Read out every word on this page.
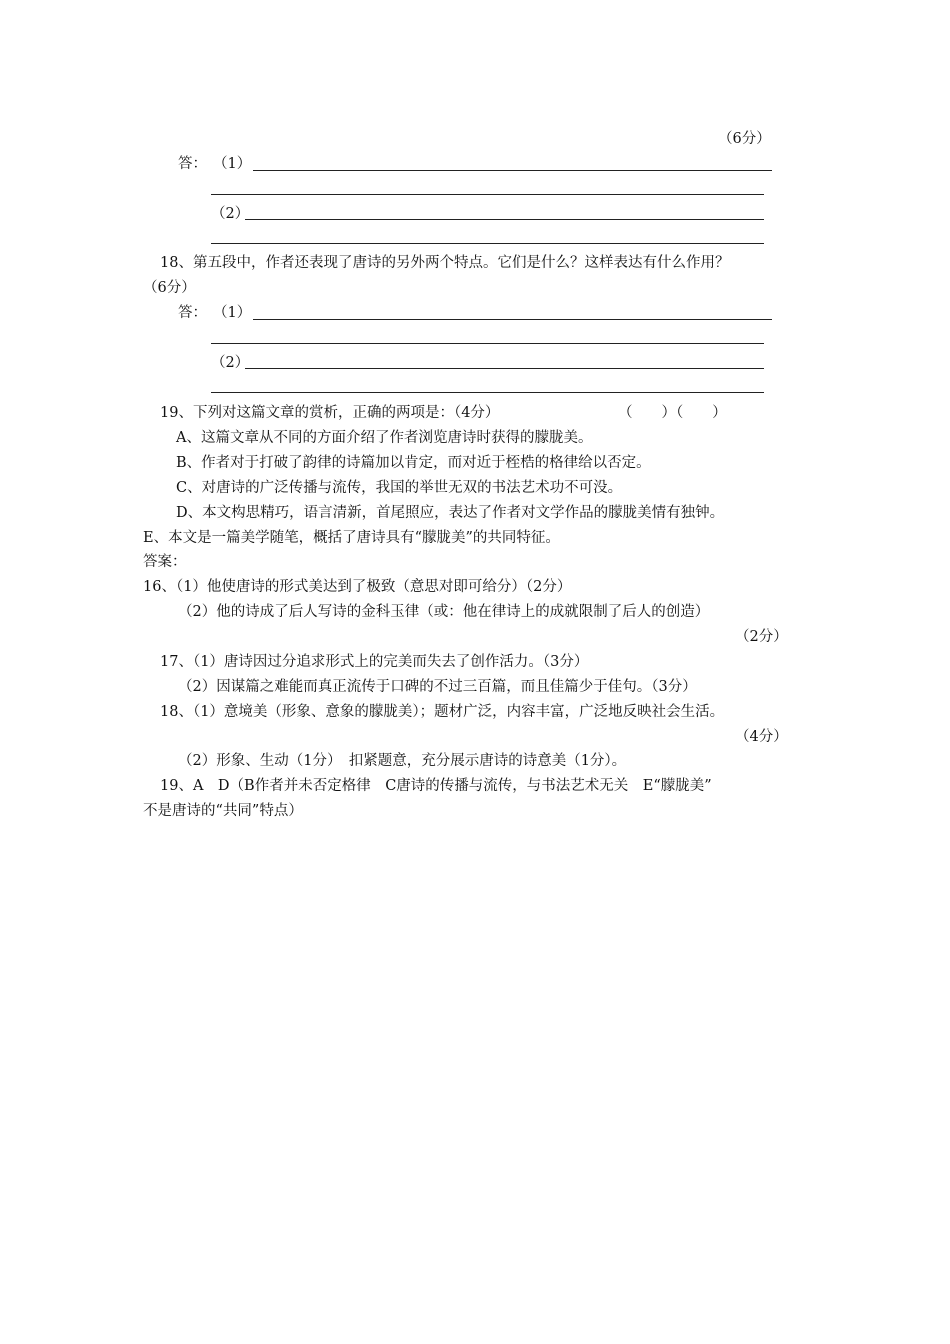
（6分）
答： （1）
（2）
18、第五段中，作者还表现了唐诗的另外两个特点。它们是什么？这样表达有什么作用？
（6分）
答： （1）
（2）
19、下列对这篇文章的赏析，正确的两项是：（4分）	（　　）（　　）
A、这篇文章从不同的方面介绍了作者浏览唐诗时获得的朦胧美。
B、作者对于打破了韵律的诗篇加以肯定，而对近于桎梏的格律给以否定。
C、对唐诗的广泛传播与流传，我国的举世无双的书法艺术功不可没。
D、本文构思精巧，语言清新，首尾照应，表达了作者对文学作品的朦胧美情有独钟。
E、本文是一篇美学随笔，概括了唐诗具有“朦胧美”的共同特征。
答案：
16、（1）他使唐诗的形式美达到了极致（意思对即可给分）（2分）
（2）他的诗成了后人写诗的金科玉律（或：他在律诗上的成就限制了后人的创造）
（2分）
17、（1）唐诗因过分追求形式上的完美而失去了创作活力。（3分）
（2）因谋篇之难能而真正流传于口碑的不过三百篇，而且佳篇少于佳句。（3分）
18、（1）意境美（形象、意象的朦胧美）；题材广泛，内容丰富，广泛地反映社会生活。
（4分）
（2）形象、生动（1分）　扣紧题意，充分展示唐诗的诗意美（1分）。
19、A　D（B作者并未否定格律　C唐诗的传播与流传，与书法艺术无关　E“朦胧美”
不是唐诗的“共同”特点）
